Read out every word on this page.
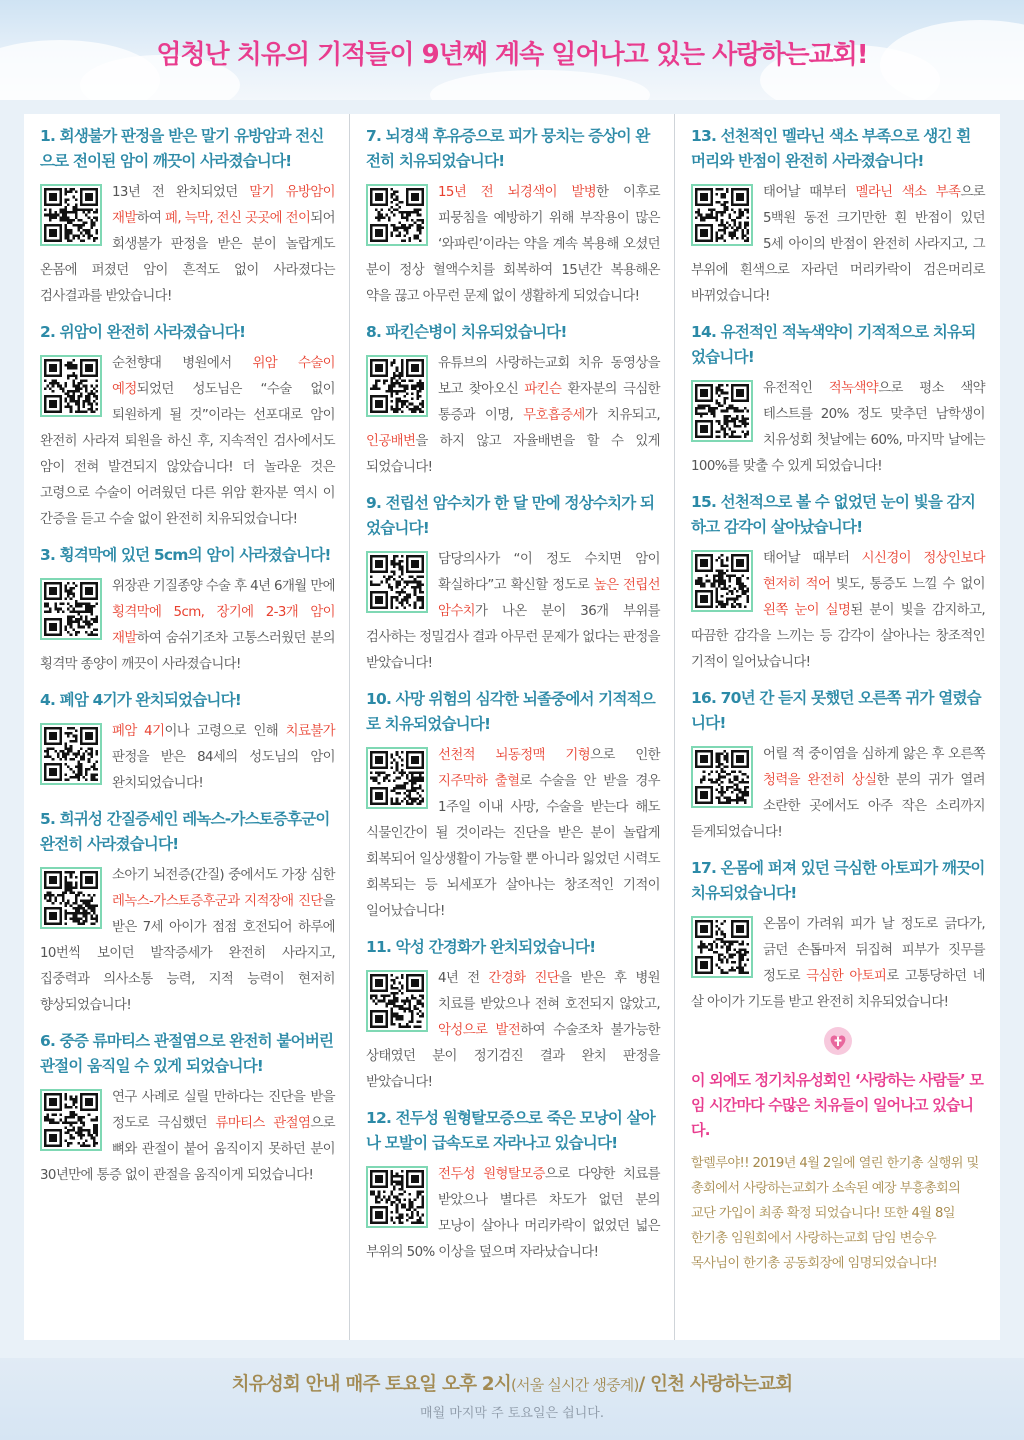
엄청난 치유의 기적들이 9년째 계속 일어나고 있는 사랑하는교회!
1. 회생불가 판정을 받은 말기 유방암과 전신으로 전이된 암이 깨끗이 사라졌습니다!
13년 전 완치되었던 말기 유방암이 재발하여 폐, 늑막, 전신 곳곳에 전이되어 회생불가 판정을 받은 분이 놀랍게도 온몸에 퍼졌던 암이 흔적도 없이 사라졌다는 검사결과를 받았습니다!
2. 위암이 완전히 사라졌습니다!
순천향대 병원에서 위암 수술이 예정되었던 성도님은 “수술 없이 퇴원하게 될 것”이라는 선포대로 암이 완전히 사라져 퇴원을 하신 후, 지속적인 검사에서도 암이 전혀 발견되지 않았습니다! 더 놀라운 것은 고령으로 수술이 어려웠던 다른 위암 환자분 역시 이 간증을 듣고 수술 없이 완전히 치유되었습니다!
3. 횡격막에 있던 5cm의 암이 사라졌습니다!
위장관 기질종양 수술 후 4년 6개월 만에 횡격막에 5cm, 장기에 2-3개 암이 재발하여 숨쉬기조차 고통스러웠던 분의 횡격막 종양이 깨끗이 사라졌습니다!
4. 폐암 4기가 완치되었습니다!
폐암 4기이나 고령으로 인해 치료불가 판정을 받은 84세의 성도님의 암이 완치되었습니다!
5. 희귀성 간질증세인 레녹스-가스토증후군이 완전히 사라졌습니다!
소아기 뇌전증(간질) 중에서도 가장 심한 레녹스-가스토증후군과 지적장애 진단을 받은 7세 아이가 점점 호전되어 하루에 10번씩 보이던 발작증세가 완전히 사라지고, 집중력과 의사소통 능력, 지적 능력이 현저히 향상되었습니다!
6. 중증 류마티스 관절염으로 완전히 붙어버린 관절이 움직일 수 있게 되었습니다!
연구 사례로 실릴 만하다는 진단을 받을 정도로 극심했던 류마티스 관절염으로 뼈와 관절이 붙어 움직이지 못하던 분이 30년만에 통증 없이 관절을 움직이게 되었습니다!
7. 뇌경색 후유증으로 피가 뭉치는 증상이 완전히 치유되었습니다!
15년 전 뇌경색이 발병한 이후로 피뭉침을 예방하기 위해 부작용이 많은 ‘와파린’이라는 약을 계속 복용해 오셨던 분이 정상 혈액수치를 회복하여 15년간 복용해온 약을 끊고 아무런 문제 없이 생활하게 되었습니다!
8. 파킨슨병이 치유되었습니다!
유튜브의 사랑하는교회 치유 동영상을 보고 찾아오신 파킨슨 환자분의 극심한 통증과 이명, 무호흡증세가 치유되고, 인공배변을 하지 않고 자율배변을 할 수 있게 되었습니다!
9. 전립선 암수치가 한 달 만에 정상수치가 되었습니다!
담당의사가 “이 정도 수치면 암이 확실하다”고 확신할 정도로 높은 전립선 암수치가 나온 분이 36개 부위를 검사하는 정밀검사 결과 아무런 문제가 없다는 판정을 받았습니다!
10. 사망 위험의 심각한 뇌졸중에서 기적적으로 치유되었습니다!
선천적 뇌동정맥 기형으로 인한 지주막하 출혈로 수술을 안 받을 경우 1주일 이내 사망, 수술을 받는다 해도 식물인간이 될 것이라는 진단을 받은 분이 놀랍게 회복되어 일상생활이 가능할 뿐 아니라 잃었던 시력도 회복되는 등 뇌세포가 살아나는 창조적인 기적이 일어났습니다!
11. 악성 간경화가 완치되었습니다!
4년 전 간경화 진단을 받은 후 병원 치료를 받았으나 전혀 호전되지 않았고, 악성으로 발전하여 수술조차 불가능한 상태였던 분이 정기검진 결과 완치 판정을 받았습니다!
12. 전두성 원형탈모증으로 죽은 모낭이 살아나 모발이 급속도로 자라나고 있습니다!
전두성 원형탈모증으로 다양한 치료를 받았으나 별다른 차도가 없던 분의 모낭이 살아나 머리카락이 없었던 넓은 부위의 50% 이상을 덮으며 자라났습니다!
13. 선천적인 멜라닌 색소 부족으로 생긴 흰 머리와 반점이 완전히 사라졌습니다!
태어날 때부터 멜라닌 색소 부족으로 5백원 동전 크기만한 흰 반점이 있던 5세 아이의 반점이 완전히 사라지고, 그 부위에 흰색으로 자라던 머리카락이 검은머리로 바뀌었습니다!
14. 유전적인 적녹색약이 기적적으로 치유되었습니다!
유전적인 적녹색약으로 평소 색약 테스트를 20% 정도 맞추던 남학생이 치유성회 첫날에는 60%, 마지막 날에는 100%를 맞출 수 있게 되었습니다!
15. 선천적으로 볼 수 없었던 눈이 빛을 감지하고 감각이 살아났습니다!
태어날 때부터 시신경이 정상인보다 현저히 적어 빛도, 통증도 느낄 수 없이 왼쪽 눈이 실명된 분이 빛을 감지하고, 따끔한 감각을 느끼는 등 감각이 살아나는 창조적인 기적이 일어났습니다!
16. 70년 간 듣지 못했던 오른쪽 귀가 열렸습니다!
어릴 적 중이염을 심하게 앓은 후 오른쪽 청력을 완전히 상실한 분의 귀가 열려 소란한 곳에서도 아주 작은 소리까지 듣게되었습니다!
17. 온몸에 퍼져 있던 극심한 아토피가 깨끗이 치유되었습니다!
온몸이 가려워 피가 날 정도로 긁다가, 긁던 손톱마저 뒤집혀 피부가 짓무를 정도로 극심한 아토피로 고통당하던 네 살 아이가 기도를 받고 완전히 치유되었습니다!
이 외에도 정기치유성회인 ‘사랑하는 사람들’ 모임 시간마다 수많은 치유들이 일어나고 있습니다.
할렐루야!! 2019년 4월 2일에 열린 한기총 실행위 및 총회에서 사랑하는교회가 소속된 예장 부흥총회의 교단 가입이 최종 확정 되었습니다! 또한 4월 8일 한기총 임원회에서 사랑하는교회 담임 변승우 목사님이 한기총 공동회장에 임명되었습니다!
치유성회 안내 매주 토요일 오후 2시(서울 실시간 생중계)/ 인천 사랑하는교회
매월 마지막 주 토요일은 쉽니다.
